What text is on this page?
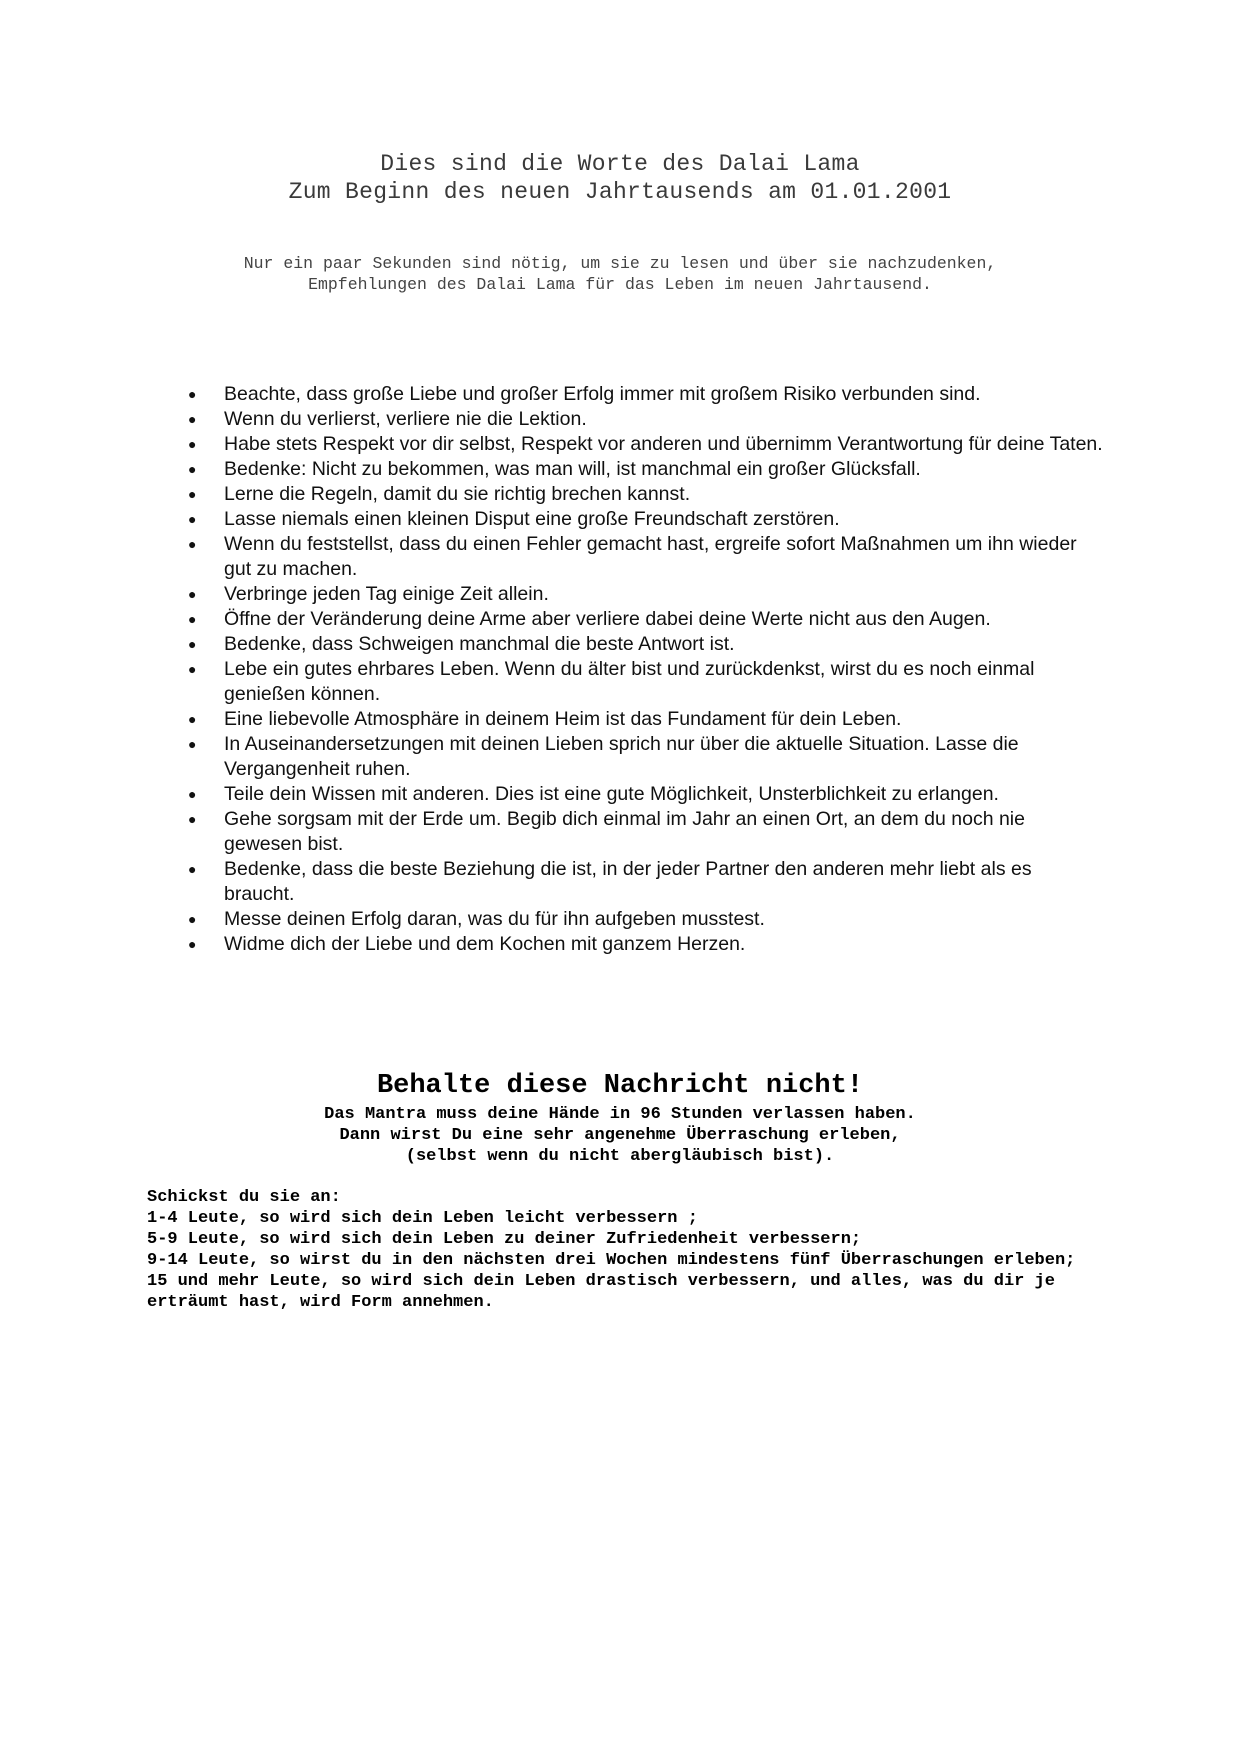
Dies sind die Worte des Dalai Lama
Zum Beginn des neuen Jahrtausends am 01.01.2001
Nur ein paar Sekunden sind nötig, um sie zu lesen und über sie nachzudenken,
Empfehlungen des Dalai Lama für das Leben im neuen Jahrtausend.
● Beachte, dass große Liebe und großer Erfolg immer mit großem Risiko verbunden sind.
● Wenn du verlierst, verliere nie die Lektion.
● Habe stets Respekt vor dir selbst, Respekt vor anderen und übernimm Verantwortung für deine Taten.
● Bedenke: Nicht zu bekommen, was man will, ist manchmal ein großer Glücksfall.
● Lerne die Regeln, damit du sie richtig brechen kannst.
● Lasse niemals einen kleinen Disput eine große Freundschaft zerstören.
● Wenn du feststellst, dass du einen Fehler gemacht hast, ergreife sofort Maßnahmen um ihn wieder gut zu machen.
● Verbringe jeden Tag einige Zeit allein.
● Öffne der Veränderung deine Arme aber verliere dabei deine Werte nicht aus den Augen.
● Bedenke, dass Schweigen manchmal die beste Antwort ist.
● Lebe ein gutes ehrbares Leben. Wenn du älter bist und zurückdenkst, wirst du es noch einmal genießen können.
● Eine liebevolle Atmosphäre in deinem Heim ist das Fundament für dein Leben.
● In Auseinandersetzungen mit deinen Lieben sprich nur über die aktuelle Situation. Lasse die Vergangenheit ruhen.
● Teile dein Wissen mit anderen. Dies ist eine gute Möglichkeit, Unsterblichkeit zu erlangen.
● Gehe sorgsam mit der Erde um. Begib dich einmal im Jahr an einen Ort, an dem du noch nie gewesen bist.
● Bedenke, dass die beste Beziehung die ist, in der jeder Partner den anderen mehr liebt als es braucht.
● Messe deinen Erfolg daran, was du für ihn aufgeben musstest.
● Widme dich der Liebe und dem Kochen mit ganzem Herzen.
Behalte diese Nachricht nicht!
Das Mantra muss deine Hände in 96 Stunden verlassen haben.
Dann wirst Du eine sehr angenehme Überraschung erleben,
(selbst wenn du nicht abergläubisch bist).
Schickst du sie an:
1-4 Leute, so wird sich dein Leben leicht verbessern ;
5-9 Leute, so wird sich dein Leben zu deiner Zufriedenheit verbessern;
9-14 Leute, so wirst du in den nächsten drei Wochen mindestens fünf Überraschungen erleben;
15 und mehr Leute, so wird sich dein Leben drastisch verbessern, und alles, was du dir je erträumt hast, wird Form annehmen.
